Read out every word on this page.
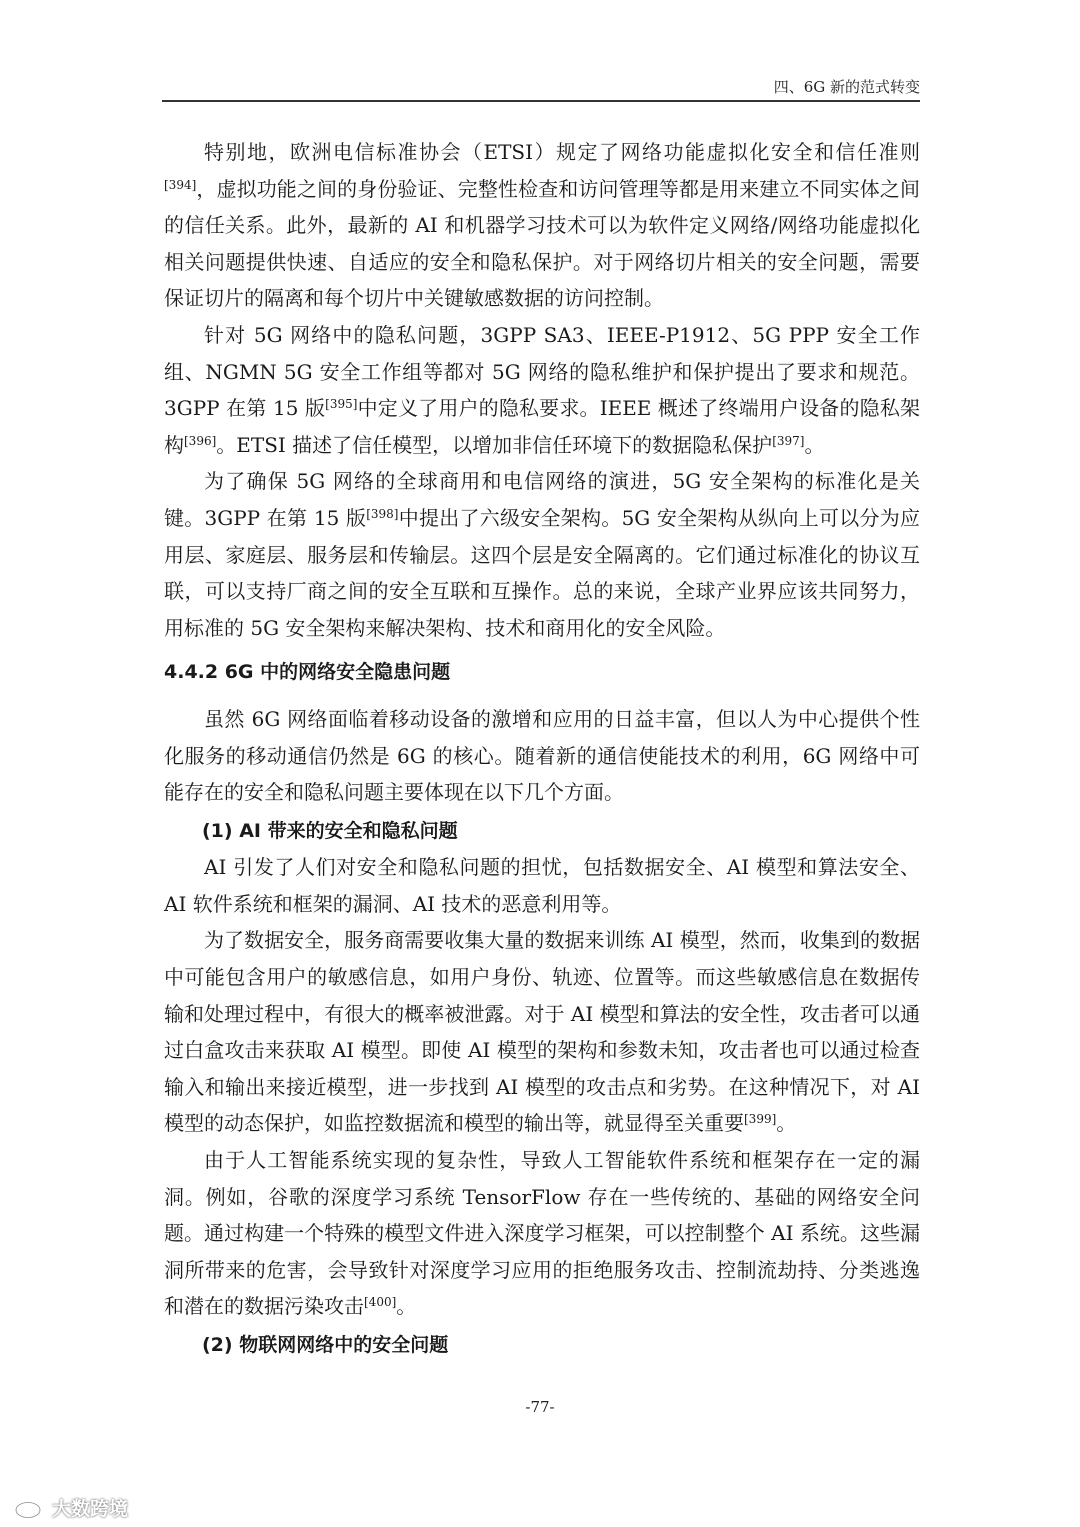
四、6G 新的范式转变

特别地，欧洲电信标准协会（ETSI）规定了网络功能虚拟化安全和信任准则[394]，虚拟功能之间的身份验证、完整性检查和访问管理等都是用来建立不同实体之间的信任关系。此外，最新的 AI 和机器学习技术可以为软件定义网络/网络功能虚拟化相关问题提供快速、自适应的安全和隐私保护。对于网络切片相关的安全问题，需要保证切片的隔离和每个切片中关键敏感数据的访问控制。

针对 5G 网络中的隐私问题，3GPP SA3、IEEE-P1912、5G PPP 安全工作组、NGMN 5G 安全工作组等都对 5G 网络的隐私维护和保护提出了要求和规范。3GPP 在第 15 版[395]中定义了用户的隐私要求。IEEE 概述了终端用户设备的隐私架构[396]。ETSI 描述了信任模型，以增加非信任环境下的数据隐私保护[397]。

为了确保 5G 网络的全球商用和电信网络的演进，5G 安全架构的标准化是关键。3GPP 在第 15 版[398]中提出了六级安全架构。5G 安全架构从纵向上可以分为应用层、家庭层、服务层和传输层。这四个层是安全隔离的。它们通过标准化的协议互联，可以支持厂商之间的安全互联和互操作。总的来说，全球产业界应该共同努力，用标准的 5G 安全架构来解决架构、技术和商用化的安全风险。

4.4.2 6G 中的网络安全隐患问题

虽然 6G 网络面临着移动设备的激增和应用的日益丰富，但以人为中心提供个性化服务的移动通信仍然是 6G 的核心。随着新的通信使能技术的利用，6G 网络中可能存在的安全和隐私问题主要体现在以下几个方面。

(1) AI 带来的安全和隐私问题

AI 引发了人们对安全和隐私问题的担忧，包括数据安全、AI 模型和算法安全、AI 软件系统和框架的漏洞、AI 技术的恶意利用等。

为了数据安全，服务商需要收集大量的数据来训练 AI 模型，然而，收集到的数据中可能包含用户的敏感信息，如用户身份、轨迹、位置等。而这些敏感信息在数据传输和处理过程中，有很大的概率被泄露。对于 AI 模型和算法的安全性，攻击者可以通过白盒攻击来获取 AI 模型。即使 AI 模型的架构和参数未知，攻击者也可以通过检查输入和输出来接近模型，进一步找到 AI 模型的攻击点和劣势。在这种情况下，对 AI 模型的动态保护，如监控数据流和模型的输出等，就显得至关重要[399]。

由于人工智能系统实现的复杂性，导致人工智能软件系统和框架存在一定的漏洞。例如，谷歌的深度学习系统 TensorFlow 存在一些传统的、基础的网络安全问题。通过构建一个特殊的模型文件进入深度学习框架，可以控制整个 AI 系统。这些漏洞所带来的危害，会导致针对深度学习应用的拒绝服务攻击、控制流劫持、分类逃逸和潜在的数据污染攻击[400]。

(2) 物联网网络中的安全问题
-77-
大数跨境
